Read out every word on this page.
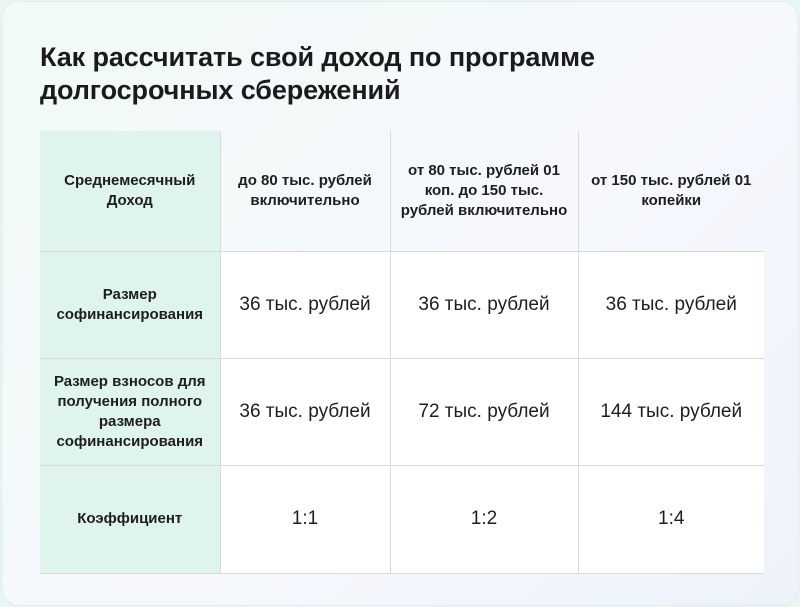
Как рассчитать свой доход по программе долгосрочных сбережений
Среднемесячный Доход	до 80 тыс. рублей включительно	от 80 тыс. рублей 01 коп. до 150 тыс. рублей включительно	от 150 тыс. рублей 01 копейки
Размер софинансирования	36 тыс. рублей	36 тыс. рублей	36 тыс. рублей
Размер взносов для получения полного размера софинансирования	36 тыс. рублей	72 тыс. рублей	144 тыс. рублей
Коэффициент	1:1	1:2	1:4
